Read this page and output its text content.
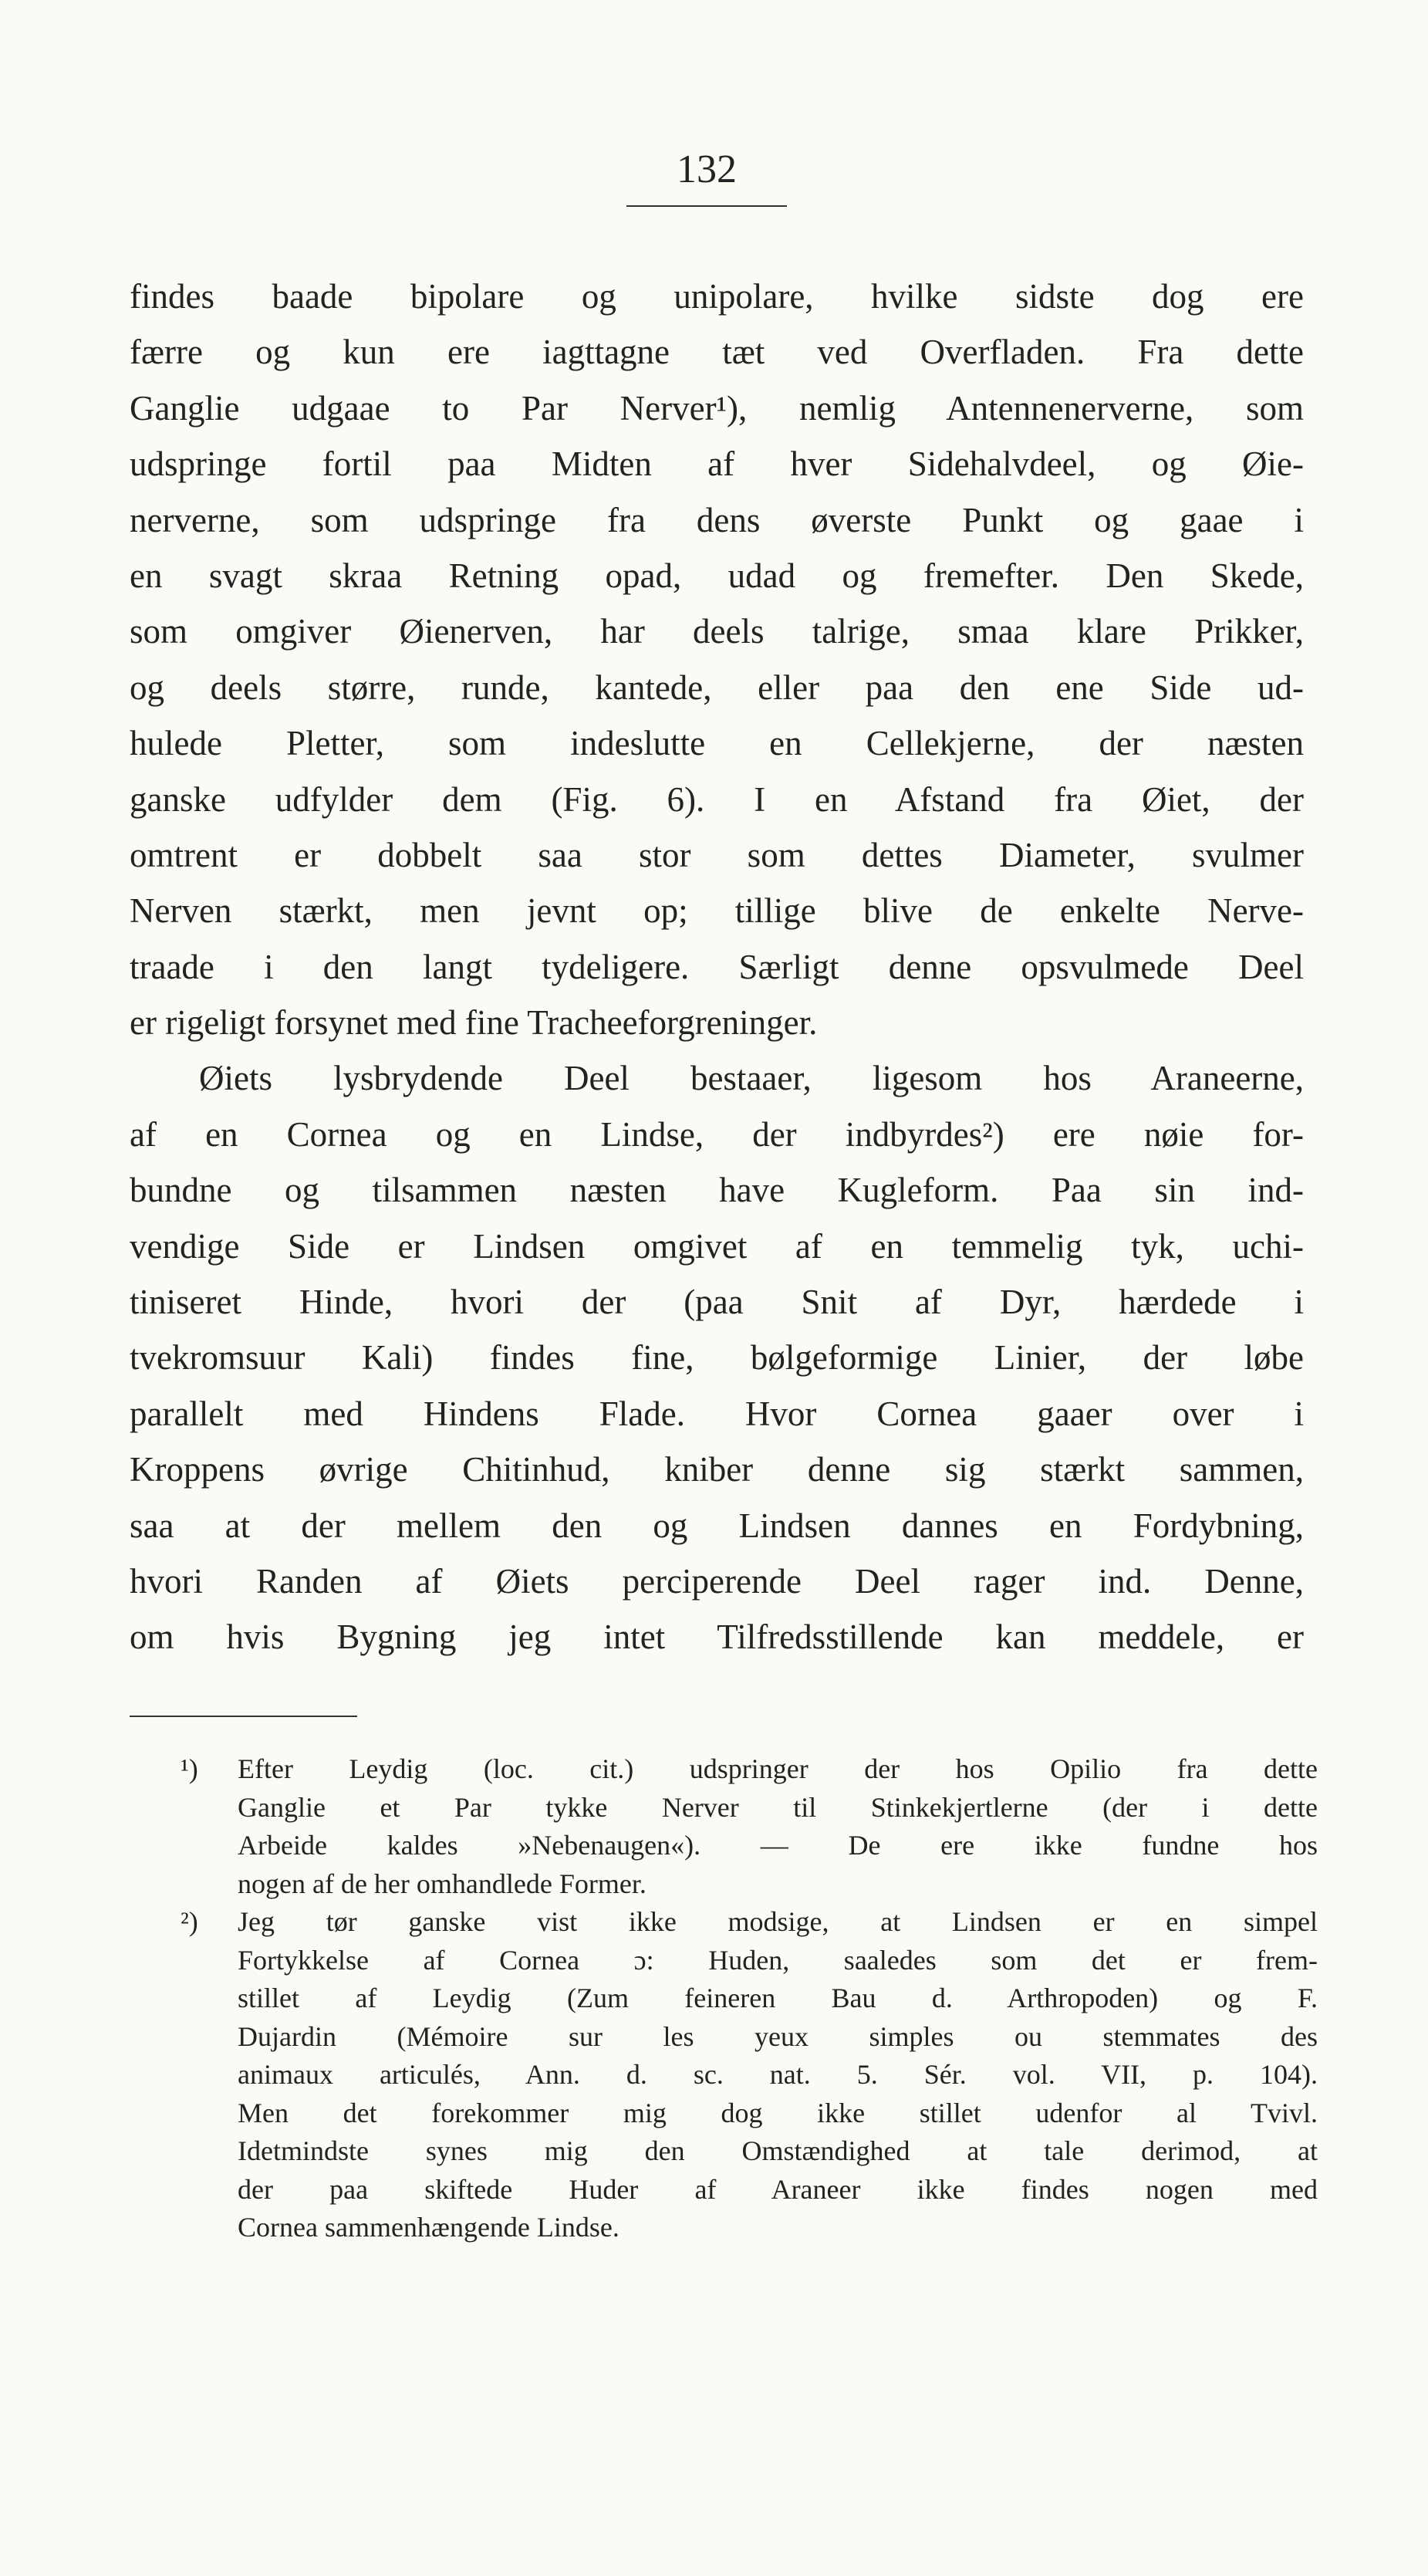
132
findes baade bipolare og unipolare, hvilke sidste dog ere
færre og kun ere iagttagne tæt ved Overfladen. Fra dette
Ganglie udgaae to Par Nerver¹), nemlig Antennenerverne, som
udspringe fortil paa Midten af hver Sidehalvdeel, og Øie-
nerverne, som udspringe fra dens øverste Punkt og gaae i
en svagt skraa Retning opad, udad og fremefter. Den Skede,
som omgiver Øienerven, har deels talrige, smaa klare Prikker,
og deels større, runde, kantede, eller paa den ene Side ud-
hulede Pletter, som indeslutte en Cellekjerne, der næsten
ganske udfylder dem (Fig. 6). I en Afstand fra Øiet, der
omtrent er dobbelt saa stor som dettes Diameter, svulmer
Nerven stærkt, men jevnt op; tillige blive de enkelte Nerve-
traade i den langt tydeligere. Særligt denne opsvulmede Deel
er rigeligt forsynet med fine Tracheeforgreninger.
Øiets lysbrydende Deel bestaaer, ligesom hos Araneerne,
af en Cornea og en Lindse, der indbyrdes²) ere nøie for-
bundne og tilsammen næsten have Kugleform. Paa sin ind-
vendige Side er Lindsen omgivet af en temmelig tyk, uchi-
tiniseret Hinde, hvori der (paa Snit af Dyr, hærdede i
tvekromsuur Kali) findes fine, bølgeformige Linier, der løbe
parallelt med Hindens Flade. Hvor Cornea gaaer over i
Kroppens øvrige Chitinhud, kniber denne sig stærkt sammen,
saa at der mellem den og Lindsen dannes en Fordybning,
hvori Randen af Øiets perciperende Deel rager ind. Denne,
om hvis Bygning jeg intet Tilfredsstillende kan meddele, er
¹) Efter Leydig (loc. cit.) udspringer der hos Opilio fra dette
Ganglie et Par tykke Nerver til Stinkekjertlerne (der i dette
Arbeide kaldes »Nebenaugen«). — De ere ikke fundne hos
nogen af de her omhandlede Former.
²) Jeg tør ganske vist ikke modsige, at Lindsen er en simpel
Fortykkelse af Cornea ɔ: Huden, saaledes som det er frem-
stillet af Leydig (Zum feineren Bau d. Arthropoden) og F.
Dujardin (Mémoire sur les yeux simples ou stemmates des
animaux articulés, Ann. d. sc. nat. 5. Sér. vol. VII, p. 104).
Men det forekommer mig dog ikke stillet udenfor al Tvivl.
Idetmindste synes mig den Omstændighed at tale derimod, at
der paa skiftede Huder af Araneer ikke findes nogen med
Cornea sammenhængende Lindse.
